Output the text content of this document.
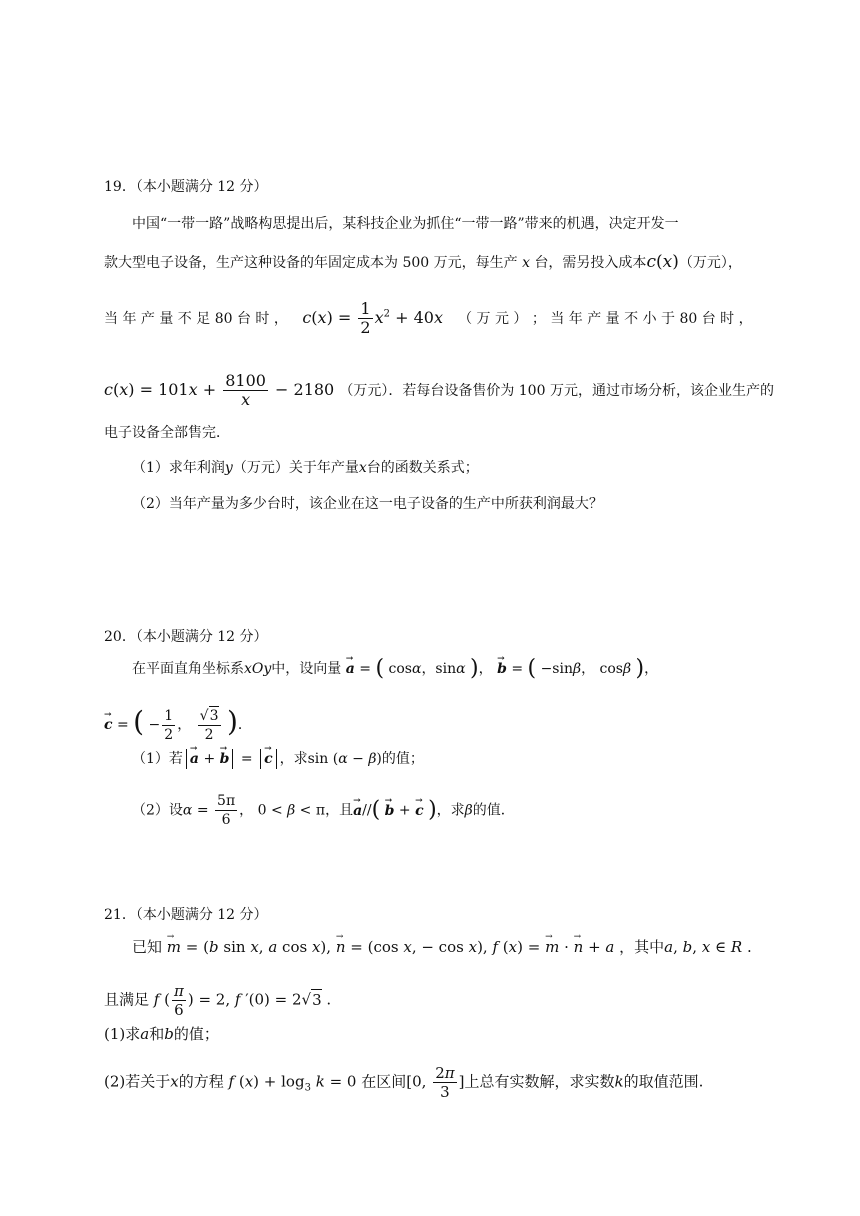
19．（本小题满分 12 分）
中国“一带一路”战略构思提出后，某科技企业为抓住“一带一路”带来的机遇，决定开发一
款大型电子设备，生产这种设备的年固定成本为 500 万元，每生产 x 台，需另投入成本c(x)（万元），
当 年 产 量 不 足 80 台 时 ， $c(x) = \frac{1}{2} x^2 + 40x$ （ 万 元 ） ； 当 年 产 量 不 小 于 80 台 时 ，
$c(x) = 101x + \frac{8100}{x} - 2180$ （万元）．若每台设备售价为 100 万元，通过市场分析，该企业生产的
电子设备全部售完．
（1）求年利润y（万元）关于年产量x台的函数关系式；
（2）当年产量为多少台时，该企业在这一电子设备的生产中所获利润最大？
20．（本小题满分 12 分）
在平面直角坐标系xOy中，设向量 → a = ( cosα，sinα )， → b = ( −sinβ， cosβ )，
→ c = ( − $\frac{1}{2}$ ， $\frac{√3}{2}$ )．
（1）若 → a + → b = → c ，求sin (α − β)的值；
（2）设$\alpha = \frac{5\pi}{6}$ ， 0 < β < π，且→ a//( → b + → c )，求β的值．
21．（本小题满分 12 分）
已知 → m = (b sin x, a cos x), → n = (cos x, − cos x), f (x) = → m · → n + a ，其中a, b, x ∈ R .
且满足 f ( $\frac{\pi}{6}$ ) = 2, f ′(0) = 2√3 .
(1)求a和b的值；
(2)若关于x的方程 f $(x) + \log_3 k = 0$ 在区间[0, $\frac{2\pi}{3}$ ]上总有实数解，求实数k的取值范围.
